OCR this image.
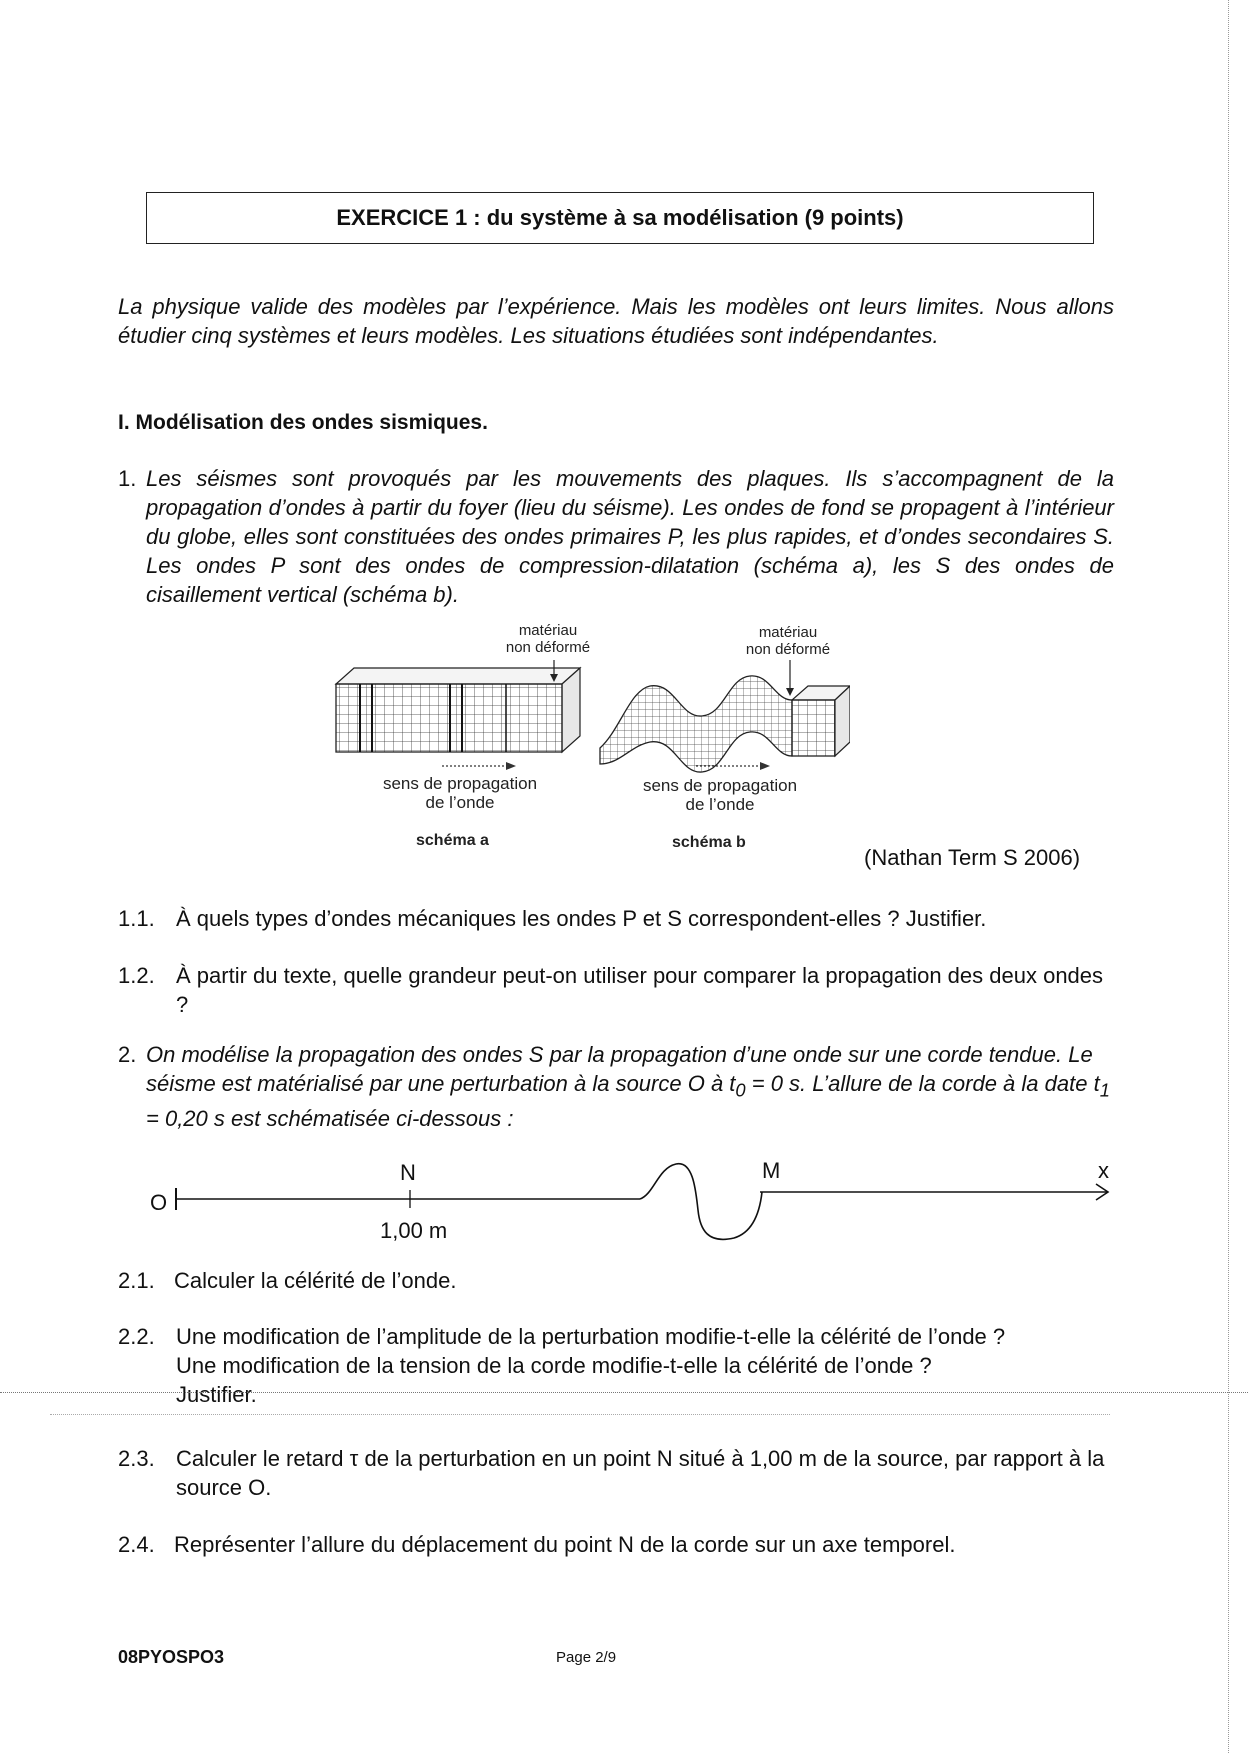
EXERCICE 1 : du système à sa modélisation (9 points)
La physique valide des modèles par l’expérience. Mais les modèles ont leurs limites. Nous allons étudier cinq systèmes et leurs modèles. Les situations étudiées sont indépendantes.
I. Modélisation des ondes sismiques.
1. Les séismes sont provoqués par les mouvements des plaques. Ils s’accompagnent de la propagation d’ondes à partir du foyer (lieu du séisme). Les ondes de fond se propagent à l’intérieur du globe, elles sont constituées des ondes primaires P, les plus rapides, et d’ondes secondaires S. Les ondes P sont des ondes de compression-dilatation (schéma a), les S des ondes de cisaillement vertical (schéma b).
matériau
non déformé
matériau
non déformé
sens de propagation
de l’onde
sens de propagation
de l’onde
schéma a	schéma b
(Nathan Term S 2006)
1.1. À quels types d’ondes mécaniques les ondes P et S correspondent-elles ? Justifier.
1.2. À partir du texte, quelle grandeur peut-on utiliser pour comparer la propagation des deux ondes ?
2. On modélise la propagation des ondes S par la propagation d’une onde sur une corde tendue. Le séisme est matérialisé par une perturbation à la source O à $t_0 = 0$ s. L’allure de la corde à la date $t_1 = 0,20$ s est schématisée ci-dessous :
O
N	M	x
1,00 m
2.1. Calculer la célérité de l’onde.
2.2. Une modification de l’amplitude de la perturbation modifie-t-elle la célérité de l’onde ?
Une modification de la tension de la corde modifie-t-elle la célérité de l’onde ?
Justifier.
2.3. Calculer le retard τ de la perturbation en un point N situé à 1,00 m de la source, par rapport à la source O.
2.4. Représenter l’allure du déplacement du point N de la corde sur un axe temporel.
08PYOSPO3	Page 2/9
